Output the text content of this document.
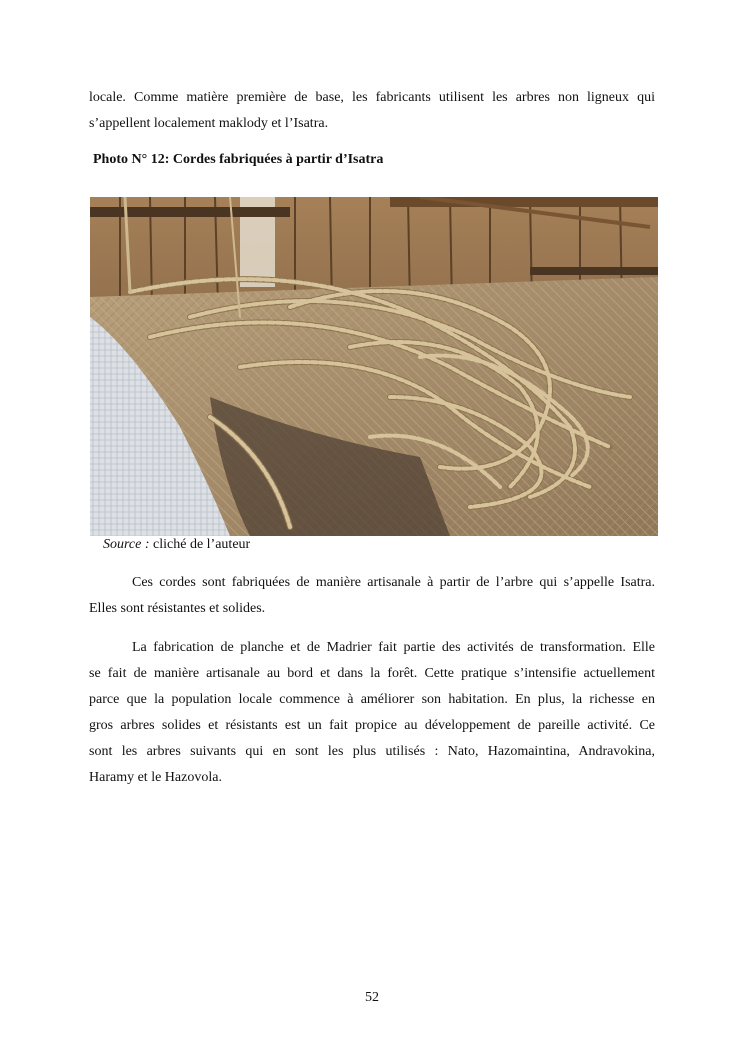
locale. Comme matière première de base, les fabricants utilisent les arbres non ligneux qui
s’appellent localement maklody et l’Isatra.

Photo N° 12: Cordes fabriquées à partir d’Isatra

Source : cliché de l’auteur

Ces cordes sont fabriquées de manière artisanale à partir de l’arbre qui s’appelle Isatra.
Elles sont résistantes et solides.
La fabrication de planche et de Madrier fait partie des activités de transformation. Elle
se fait de manière artisanale au bord et dans la forêt. Cette pratique s’intensifie actuellement
parce que la population locale commence à améliorer son habitation. En plus, la richesse en
gros arbres solides et résistants est un fait propice au développement de pareille activité. Ce
sont les arbres suivants qui en sont les plus utilisés : Nato, Hazomaintina, Andravokina,
Haramy et le Hazovola.
52
